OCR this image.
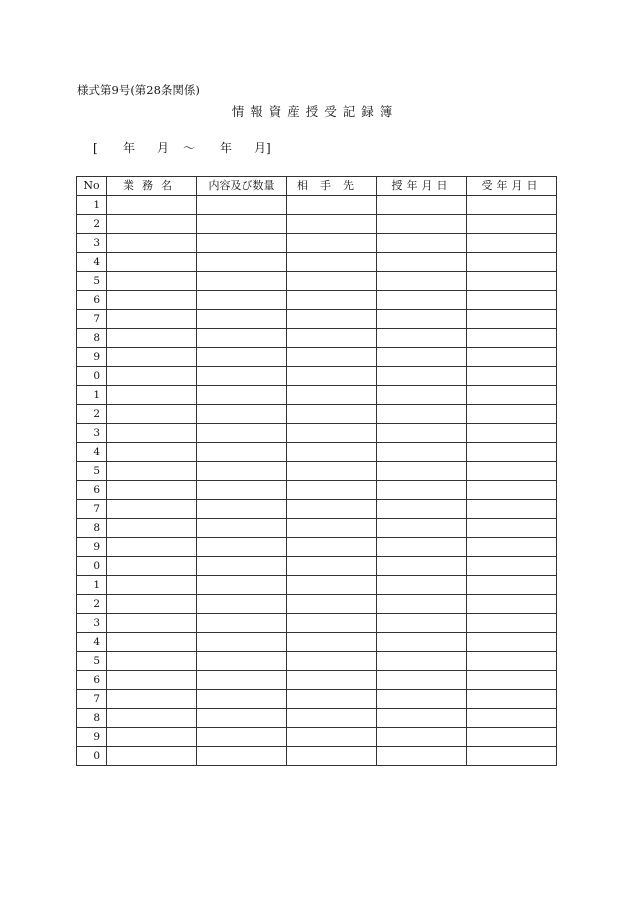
様式第9号(第28条関係)
情報資産授受記録簿
[ 年 月 ～ 年 月]
No	業務名	内容及び数量	相手先	授年月日	受年月日
1					
2					
3					
4					
5					
6					
7					
8					
9					
0					
1					
2					
3					
4					
5					
6					
7					
8					
9					
0					
1					
2					
3					
4					
5					
6					
7					
8					
9					
0					
